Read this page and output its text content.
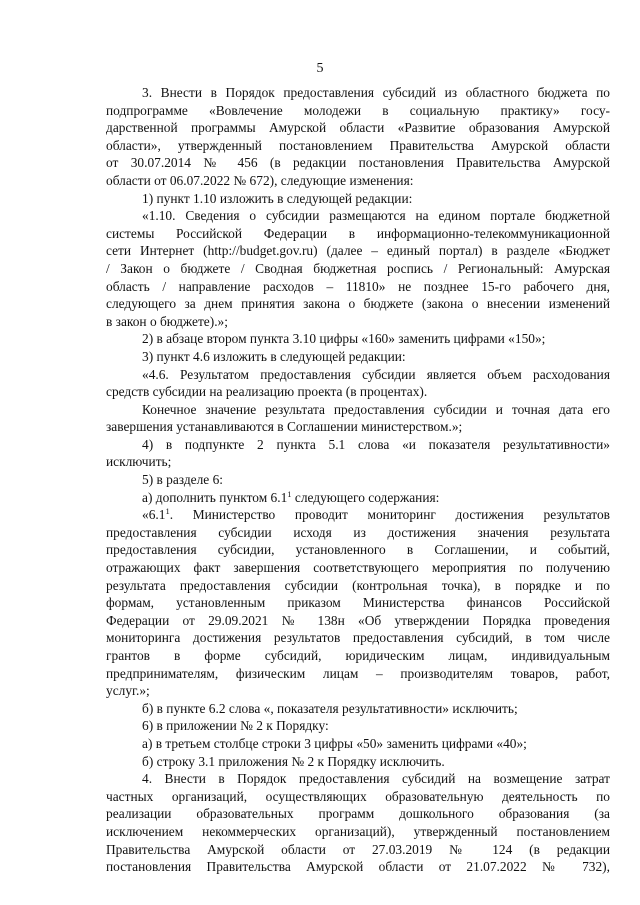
5
3. Внести в Порядок предоставления субсидий из областного бюджета по
подпрограмме «Вовлечение молодежи в социальную практику» госу-
дарственной программы Амурской области «Развитие образования Амурской
области», утвержденный постановлением Правительства Амурской области
от 30.07.2014 № 456 (в редакции постановления Правительства Амурской
области от 06.07.2022 № 672), следующие изменения:
1) пункт 1.10 изложить в следующей редакции:
«1.10. Сведения о субсидии размещаются на едином портале бюджетной
системы Российской Федерации в информационно-телекоммуникационной
сети Интернет (http://budget.gov.ru) (далее – единый портал) в разделе «Бюджет
/ Закон о бюджете / Сводная бюджетная роспись / Региональный: Амурская
область / направление расходов – 11810» не позднее 15-го рабочего дня,
следующего за днем принятия закона о бюджете (закона о внесении изменений
в закон о бюджете).»;
2) в абзаце втором пункта 3.10 цифры «160» заменить цифрами «150»;
3) пункт 4.6 изложить в следующей редакции:
«4.6. Результатом предоставления субсидии является объем расходования
средств субсидии на реализацию проекта (в процентах).
Конечное значение результата предоставления субсидии и точная дата его
завершения устанавливаются в Соглашении министерством.»;
4) в подпункте 2 пункта 5.1 слова «и показателя результативности»
исключить;
5) в разделе 6:
а) дополнить пунктом $6.1^1$ следующего содержания:
«$6.1^1$. Министерство проводит мониторинг достижения результатов
предоставления субсидии исходя из достижения значения результата
предоставления субсидии, установленного в Соглашении, и событий,
отражающих факт завершения соответствующего мероприятия по получению
результата предоставления субсидии (контрольная точка), в порядке и по
формам, установленным приказом Министерства финансов Российской
Федерации от 29.09.2021 № 138н «Об утверждении Порядка проведения
мониторинга достижения результатов предоставления субсидий, в том числе
грантов в форме субсидий, юридическим лицам, индивидуальным
предпринимателям, физическим лицам – производителям товаров, работ,
услуг.»;
б) в пункте 6.2 слова «, показателя результативности» исключить;
6) в приложении № 2 к Порядку:
а) в третьем столбце строки 3 цифры «50» заменить цифрами «40»;
б) строку 3.1 приложения № 2 к Порядку исключить.
4. Внести в Порядок предоставления субсидий на возмещение затрат
частных организаций, осуществляющих образовательную деятельность по
реализации образовательных программ дошкольного образования (за
исключением некоммерческих организаций), утвержденный постановлением
Правительства Амурской области от 27.03.2019 № 124 (в редакции
постановления Правительства Амурской области от 21.07.2022 № 732),
